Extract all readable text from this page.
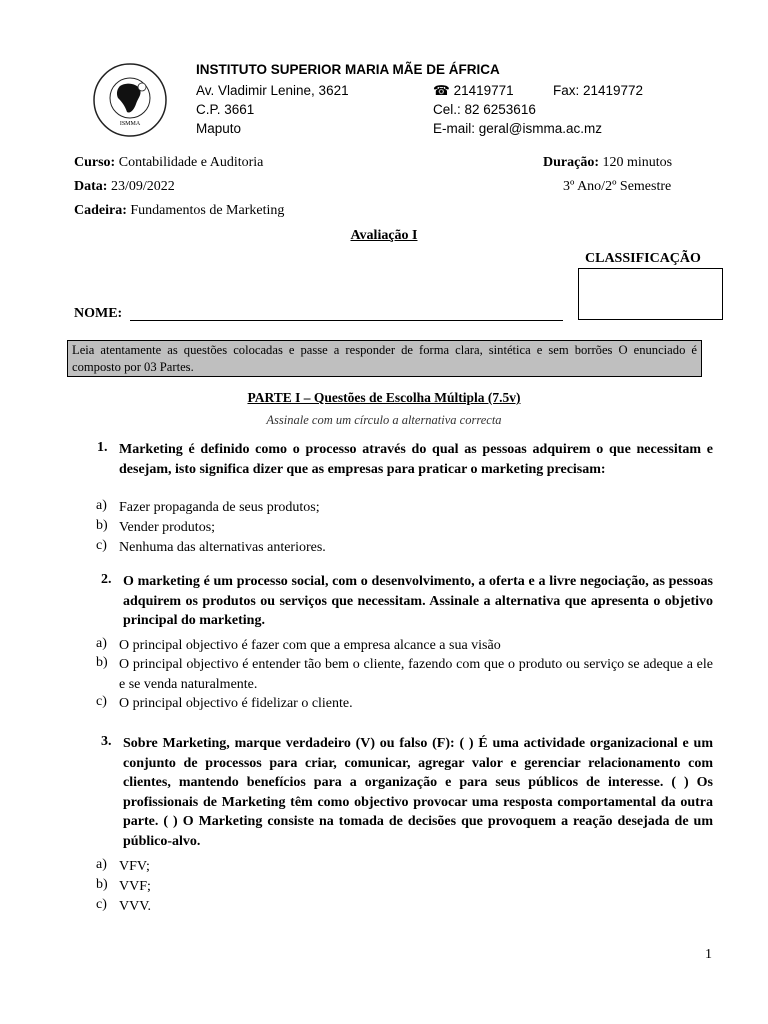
ISMMA
INSTITUTO SUPERIOR MARIA MÃE DE ÁFRICA
Av. Vladimir Lenine, 3621
C.P. 3661
Maputo
☎ 21419771	Fax: 21419772
Cel.: 82 6253616
E-mail: geral@ismma.ac.mz
Curso: Contabilidade e Auditoria
Data: 23/09/2022
Cadeira: Fundamentos de Marketing
Duração: 120 minutos
3º Ano/2º Semestre
Avaliação I
CLASSIFICAÇÃO
NOME:
Leia atentamente as questões colocadas e passe a responder de forma clara, sintética e sem borrões O enunciado é composto por 03 Partes.
PARTE I – Questões de Escolha Múltipla (7.5v)
Assinale com um círculo a alternativa correcta
1. Marketing é definido como o processo através do qual as pessoas adquirem o que necessitam e desejam, isto significa dizer que as empresas para praticar o marketing precisam:
a) Fazer propaganda de seus produtos;
b) Vender produtos;
c) Nenhuma das alternativas anteriores.
2. O marketing é um processo social, com o desenvolvimento, a oferta e a livre negociação, as pessoas adquirem os produtos ou serviços que necessitam. Assinale a alternativa que apresenta o objetivo principal do marketing.
a) O principal objectivo é fazer com que a empresa alcance a sua visão
b) O principal objectivo é entender tão bem o cliente, fazendo com que o produto ou serviço se adeque a ele e se venda naturalmente.
c) O principal objectivo é fidelizar o cliente.
3. Sobre Marketing, marque verdadeiro (V) ou falso (F): ( ) É uma actividade organizacional e um conjunto de processos para criar, comunicar, agregar valor e gerenciar relacionamento com clientes, mantendo benefícios para a organização e para seus públicos de interesse. ( ) Os profissionais de Marketing têm como objectivo provocar uma resposta comportamental da outra parte. ( ) O Marketing consiste na tomada de decisões que provoquem a reação desejada de um público-alvo.
a) VFV;
b) VVF;
c) VVV.
1
